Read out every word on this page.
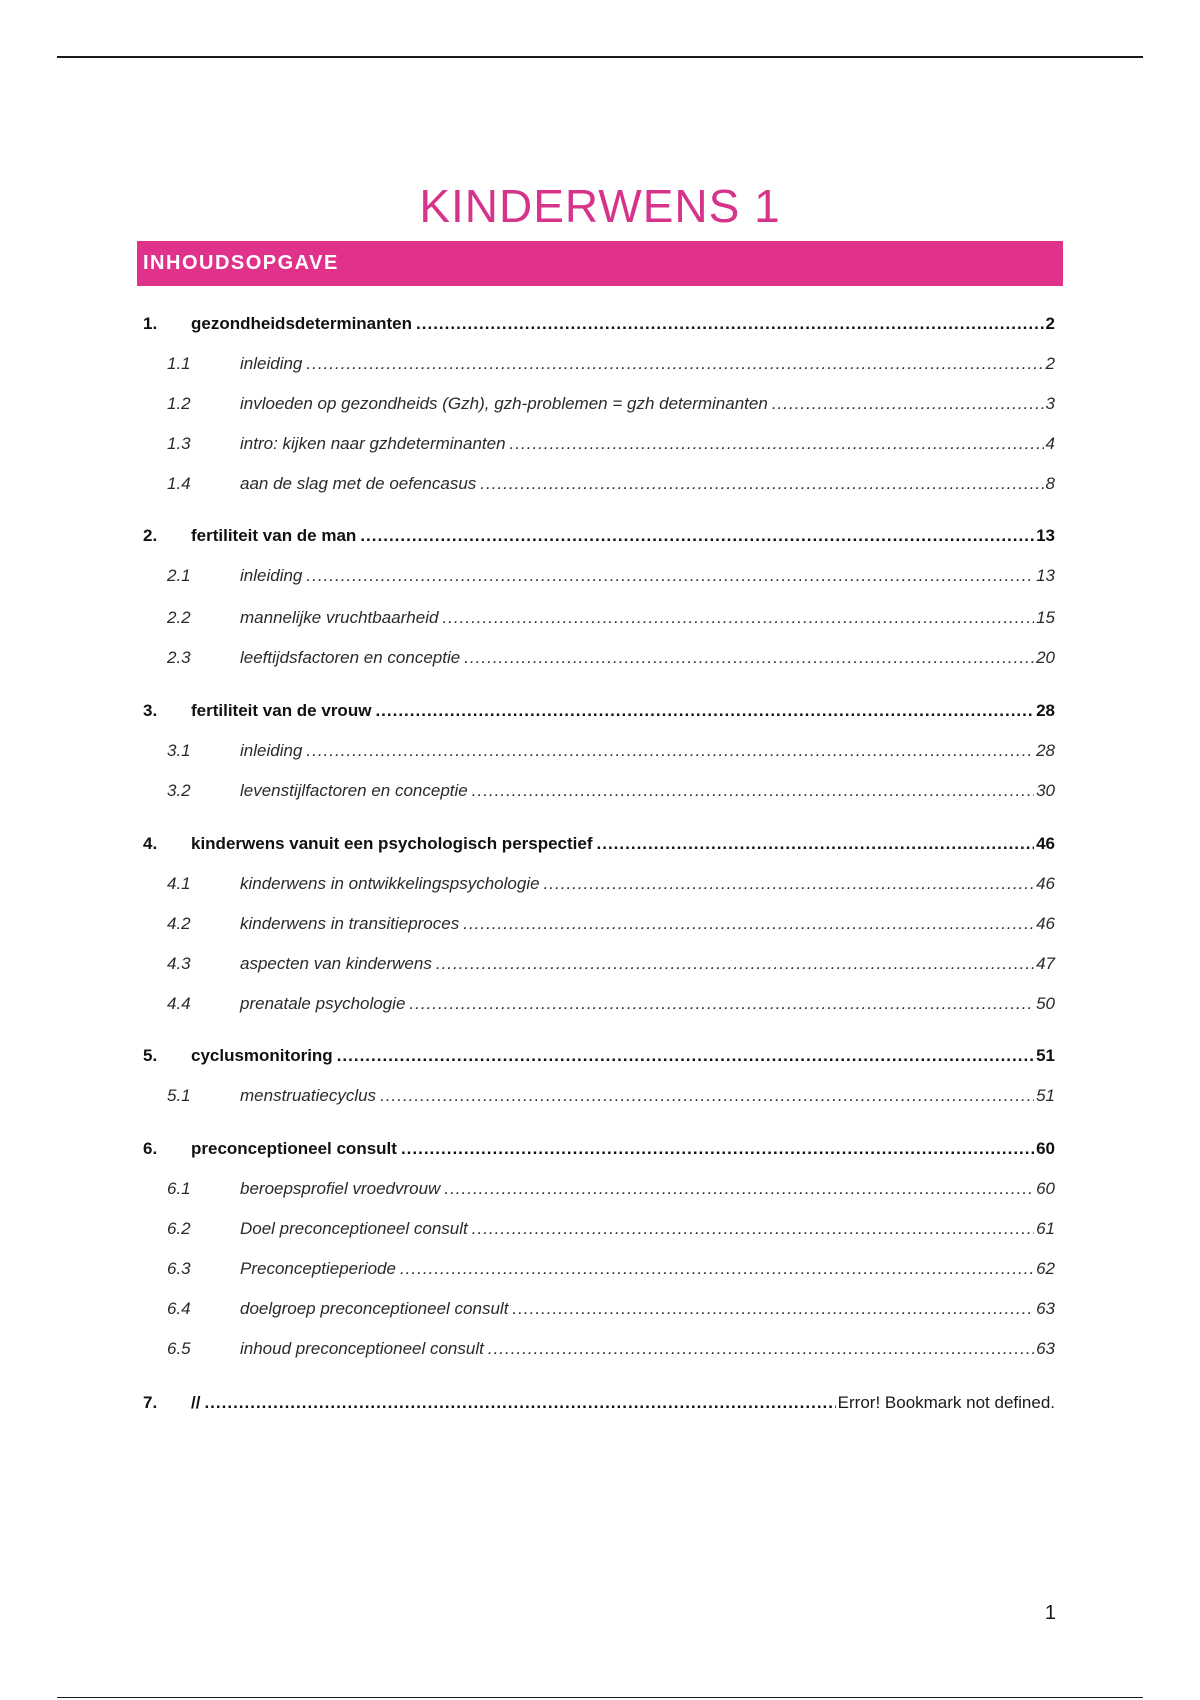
KINDERWENS 1
INHOUDSOPGAVE
1.	gezondheidsdeterminanten .....	2
1.1	inleiding .....	2
1.2	invloeden op gezondheids (Gzh), gzh-problemen = gzh determinanten .....	3
1.3	intro: kijken naar gzhdeterminanten .....	4
1.4	aan de slag met de oefencasus .....	8
2.	fertiliteit van de man .....	13
2.1	inleiding .....	13
2.2	mannelijke vruchtbaarheid .....	15
2.3	leeftijdsfactoren en conceptie .....	20
3.	fertiliteit van de vrouw .....	28
3.1	inleiding .....	28
3.2	levenstijlfactoren en conceptie .....	30
4.	kinderwens vanuit een psychologisch perspectief .....	46
4.1	kinderwens in ontwikkelingspsychologie .....	46
4.2	kinderwens in transitieproces .....	46
4.3	aspecten van kinderwens .....	47
4.4	prenatale psychologie .....	50
5.	cyclusmonitoring .....	51
5.1	menstruatiecyclus .....	51
6.	preconceptioneel consult .....	60
6.1	beroepsprofiel vroedvrouw .....	60
6.2	Doel preconceptioneel consult .....	61
6.3	Preconceptieperiode .....	62
6.4	doelgroep preconceptioneel consult .....	63
6.5	inhoud preconceptioneel consult .....	63
7.	// .....	Error! Bookmark not defined.
1
